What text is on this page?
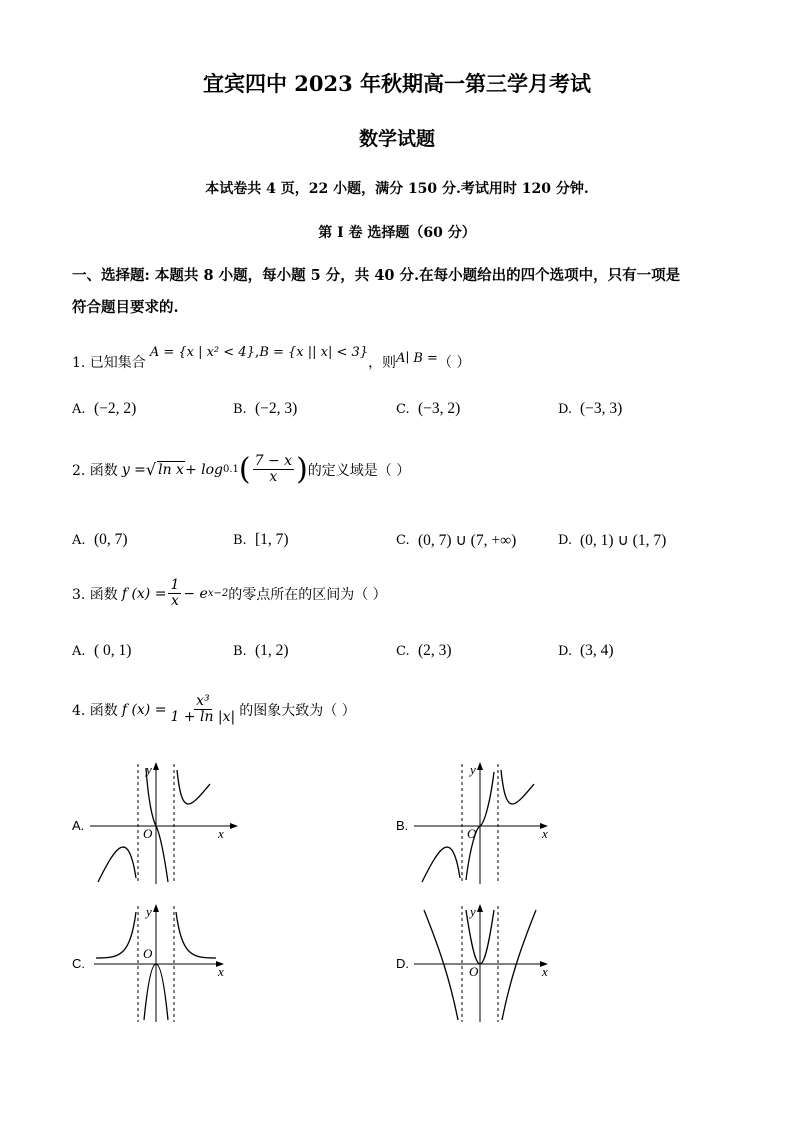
宜宾四中 2023 年秋期高一第三学月考试
数学试题
本试卷共 4 页，22 小题，满分 150 分.考试用时 120 分钟.
第 I 卷 选择题（60 分）
一、选择题: 本题共 8 小题，每小题 5 分，共 40 分.在每小题给出的四个选项中，只有一项是
符合题目要求的.
1. 已知集合
A = {x | x² < 4} , B = {x || x| < 3}
，则 A∣ B = （ ）
A. (−2, 2)	B. (−2, 3)	C. (−3, 2)	D. (−3, 3)
2. 函数 y = √ ln x + log 0.1 ( $\frac{7 - x}{x}$ ) 的定义域是（ ）
A. (0, 7)	B. [1, 7)	C. (0, 7) ∪ (7, +∞)	D. (0, 1) ∪ (1, 7)
3. 函数 f $(x) = \frac{1}{x} - e$ x−2 的零点所在的区间为（ ）
A. ( 0, 1)	B. (1, 2)	C. (2, 3)	D. (3, 4)
4. 函数 f $(x) = \frac{\text{x³}}{1 + \ln |x|}$ 的图象大致为（ ）
A.
y
x
O
B.
y
x
O
C.
y
x
O
D.
y
x
O
